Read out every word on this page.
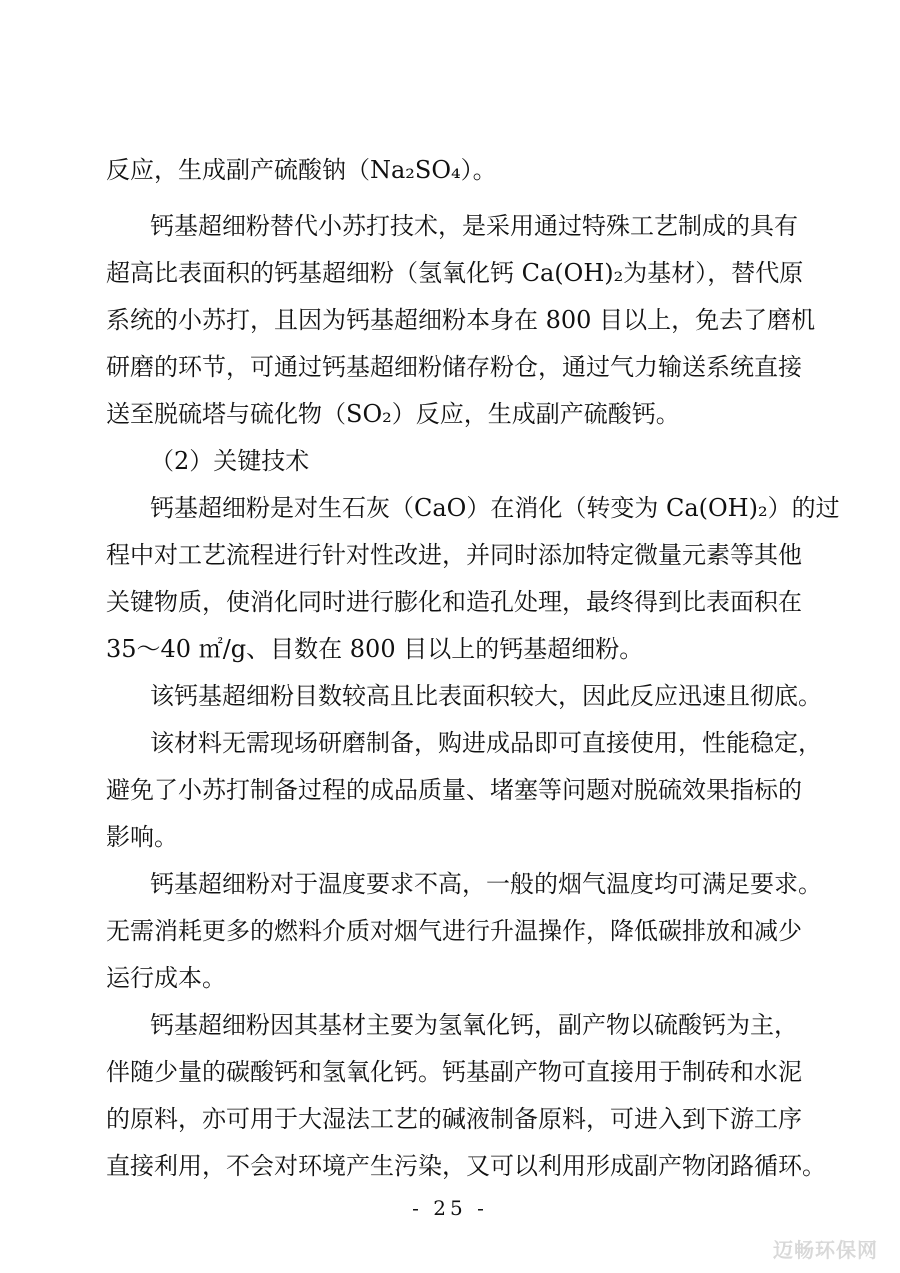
反应，生成副产硫酸钠（Na₂SO₄）。
钙基超细粉替代小苏打技术，是采用通过特殊工艺制成的具有
超高比表面积的钙基超细粉（氢氧化钙 Ca(OH)₂为基材），替代原
系统的小苏打，且因为钙基超细粉本身在 800 目以上，免去了磨机
研磨的环节，可通过钙基超细粉储存粉仓，通过气力输送系统直接
送至脱硫塔与硫化物（SO₂）反应，生成副产硫酸钙。
（2）关键技术
钙基超细粉是对生石灰（CaO）在消化（转变为 Ca(OH)₂）的过
程中对工艺流程进行针对性改进，并同时添加特定微量元素等其他
关键物质，使消化同时进行膨化和造孔处理，最终得到比表面积在
35～40 ㎡/g、目数在 800 目以上的钙基超细粉。
该钙基超细粉目数较高且比表面积较大，因此反应迅速且彻底。
该材料无需现场研磨制备，购进成品即可直接使用，性能稳定，
避免了小苏打制备过程的成品质量、堵塞等问题对脱硫效果指标的
影响。
钙基超细粉对于温度要求不高，一般的烟气温度均可满足要求。
无需消耗更多的燃料介质对烟气进行升温操作，降低碳排放和减少
运行成本。
钙基超细粉因其基材主要为氢氧化钙，副产物以硫酸钙为主，
伴随少量的碳酸钙和氢氧化钙。钙基副产物可直接用于制砖和水泥
的原料，亦可用于大湿法工艺的碱液制备原料，可进入到下游工序
直接利用，不会对环境产生污染，又可以利用形成副产物闭路循环。
- 25 -
迈畅环保网
